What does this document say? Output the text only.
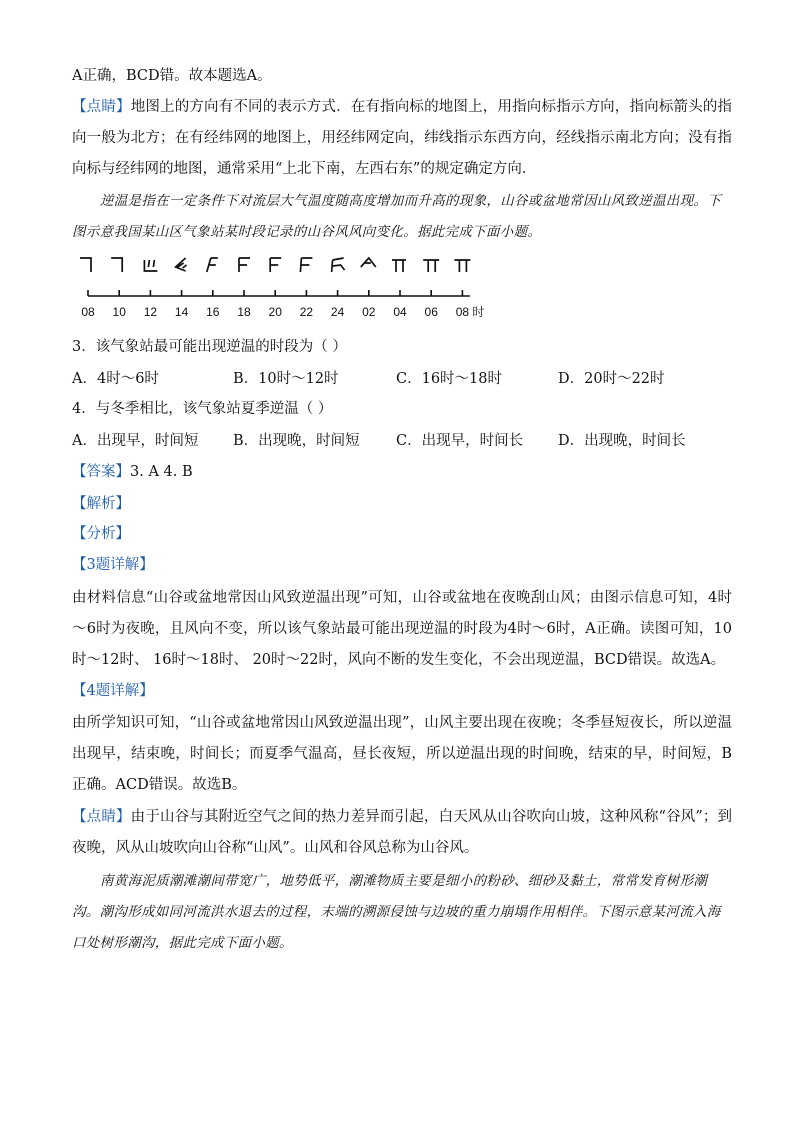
A正确，BCD错。故本题选A。
【点睛】地图上的方向有不同的表示方式．在有指向标的地图上，用指向标指示方向，指向标箭头的指向一般为北方；在有经纬网的地图上，用经纬网定向，纬线指示东西方向，经线指示南北方向；没有指向标与经纬网的地图，通常采用“上北下南，左西右东”的规定确定方向．
逆温是指在一定条件下对流层大气温度随高度增加而升高的现象，山谷或盆地常因山风致逆温出现。下图示意我国某山区气象站某时段记录的山谷风风向变化。据此完成下面小题。
08 10 12 14 16 18 20 22 24 02 04 06 08 时
3．该气象站最可能出现逆温的时段为（ ）
A．4时～6时	B．10时～12时	C．16时～18时	D．20时～22时
4．与冬季相比，该气象站夏季逆温（ ）
A．出现早，时间短 B．出现晚，时间短	C．出现早，时间长 D．出现晚，时间长
【答案】3. A 4. B
【解析】
【分析】
【3题详解】
由材料信息“山谷或盆地常因山风致逆温出现”可知，山谷或盆地在夜晚刮山风；由图示信息可知，4时～6时为夜晚，且风向不变，所以该气象站最可能出现逆温的时段为4时～6时，A正确。读图可知，10时～12时、 16时～18时、 20时～22时，风向不断的发生变化，不会出现逆温，BCD错误。故选A。
【4题详解】
由所学知识可知，“山谷或盆地常因山风致逆温出现”，山风主要出现在夜晚；冬季昼短夜长，所以逆温出现早，结束晚，时间长；而夏季气温高，昼长夜短，所以逆温出现的时间晚，结束的早，时间短，B正确。ACD错误。故选B。
【点睛】由于山谷与其附近空气之间的热力差异而引起，白天风从山谷吹向山坡，这种风称“谷风”；到夜晚，风从山坡吹向山谷称“山风”。山风和谷风总称为山谷风。
南黄海泥质潮滩潮间带宽广，地势低平，潮滩物质主要是细小的粉砂、细砂及黏土，常常发育树形潮沟。潮沟形成如同河流洪水退去的过程，末端的溯源侵蚀与边坡的重力崩塌作用相伴。下图示意某河流入海口处树形潮沟，据此完成下面小题。
